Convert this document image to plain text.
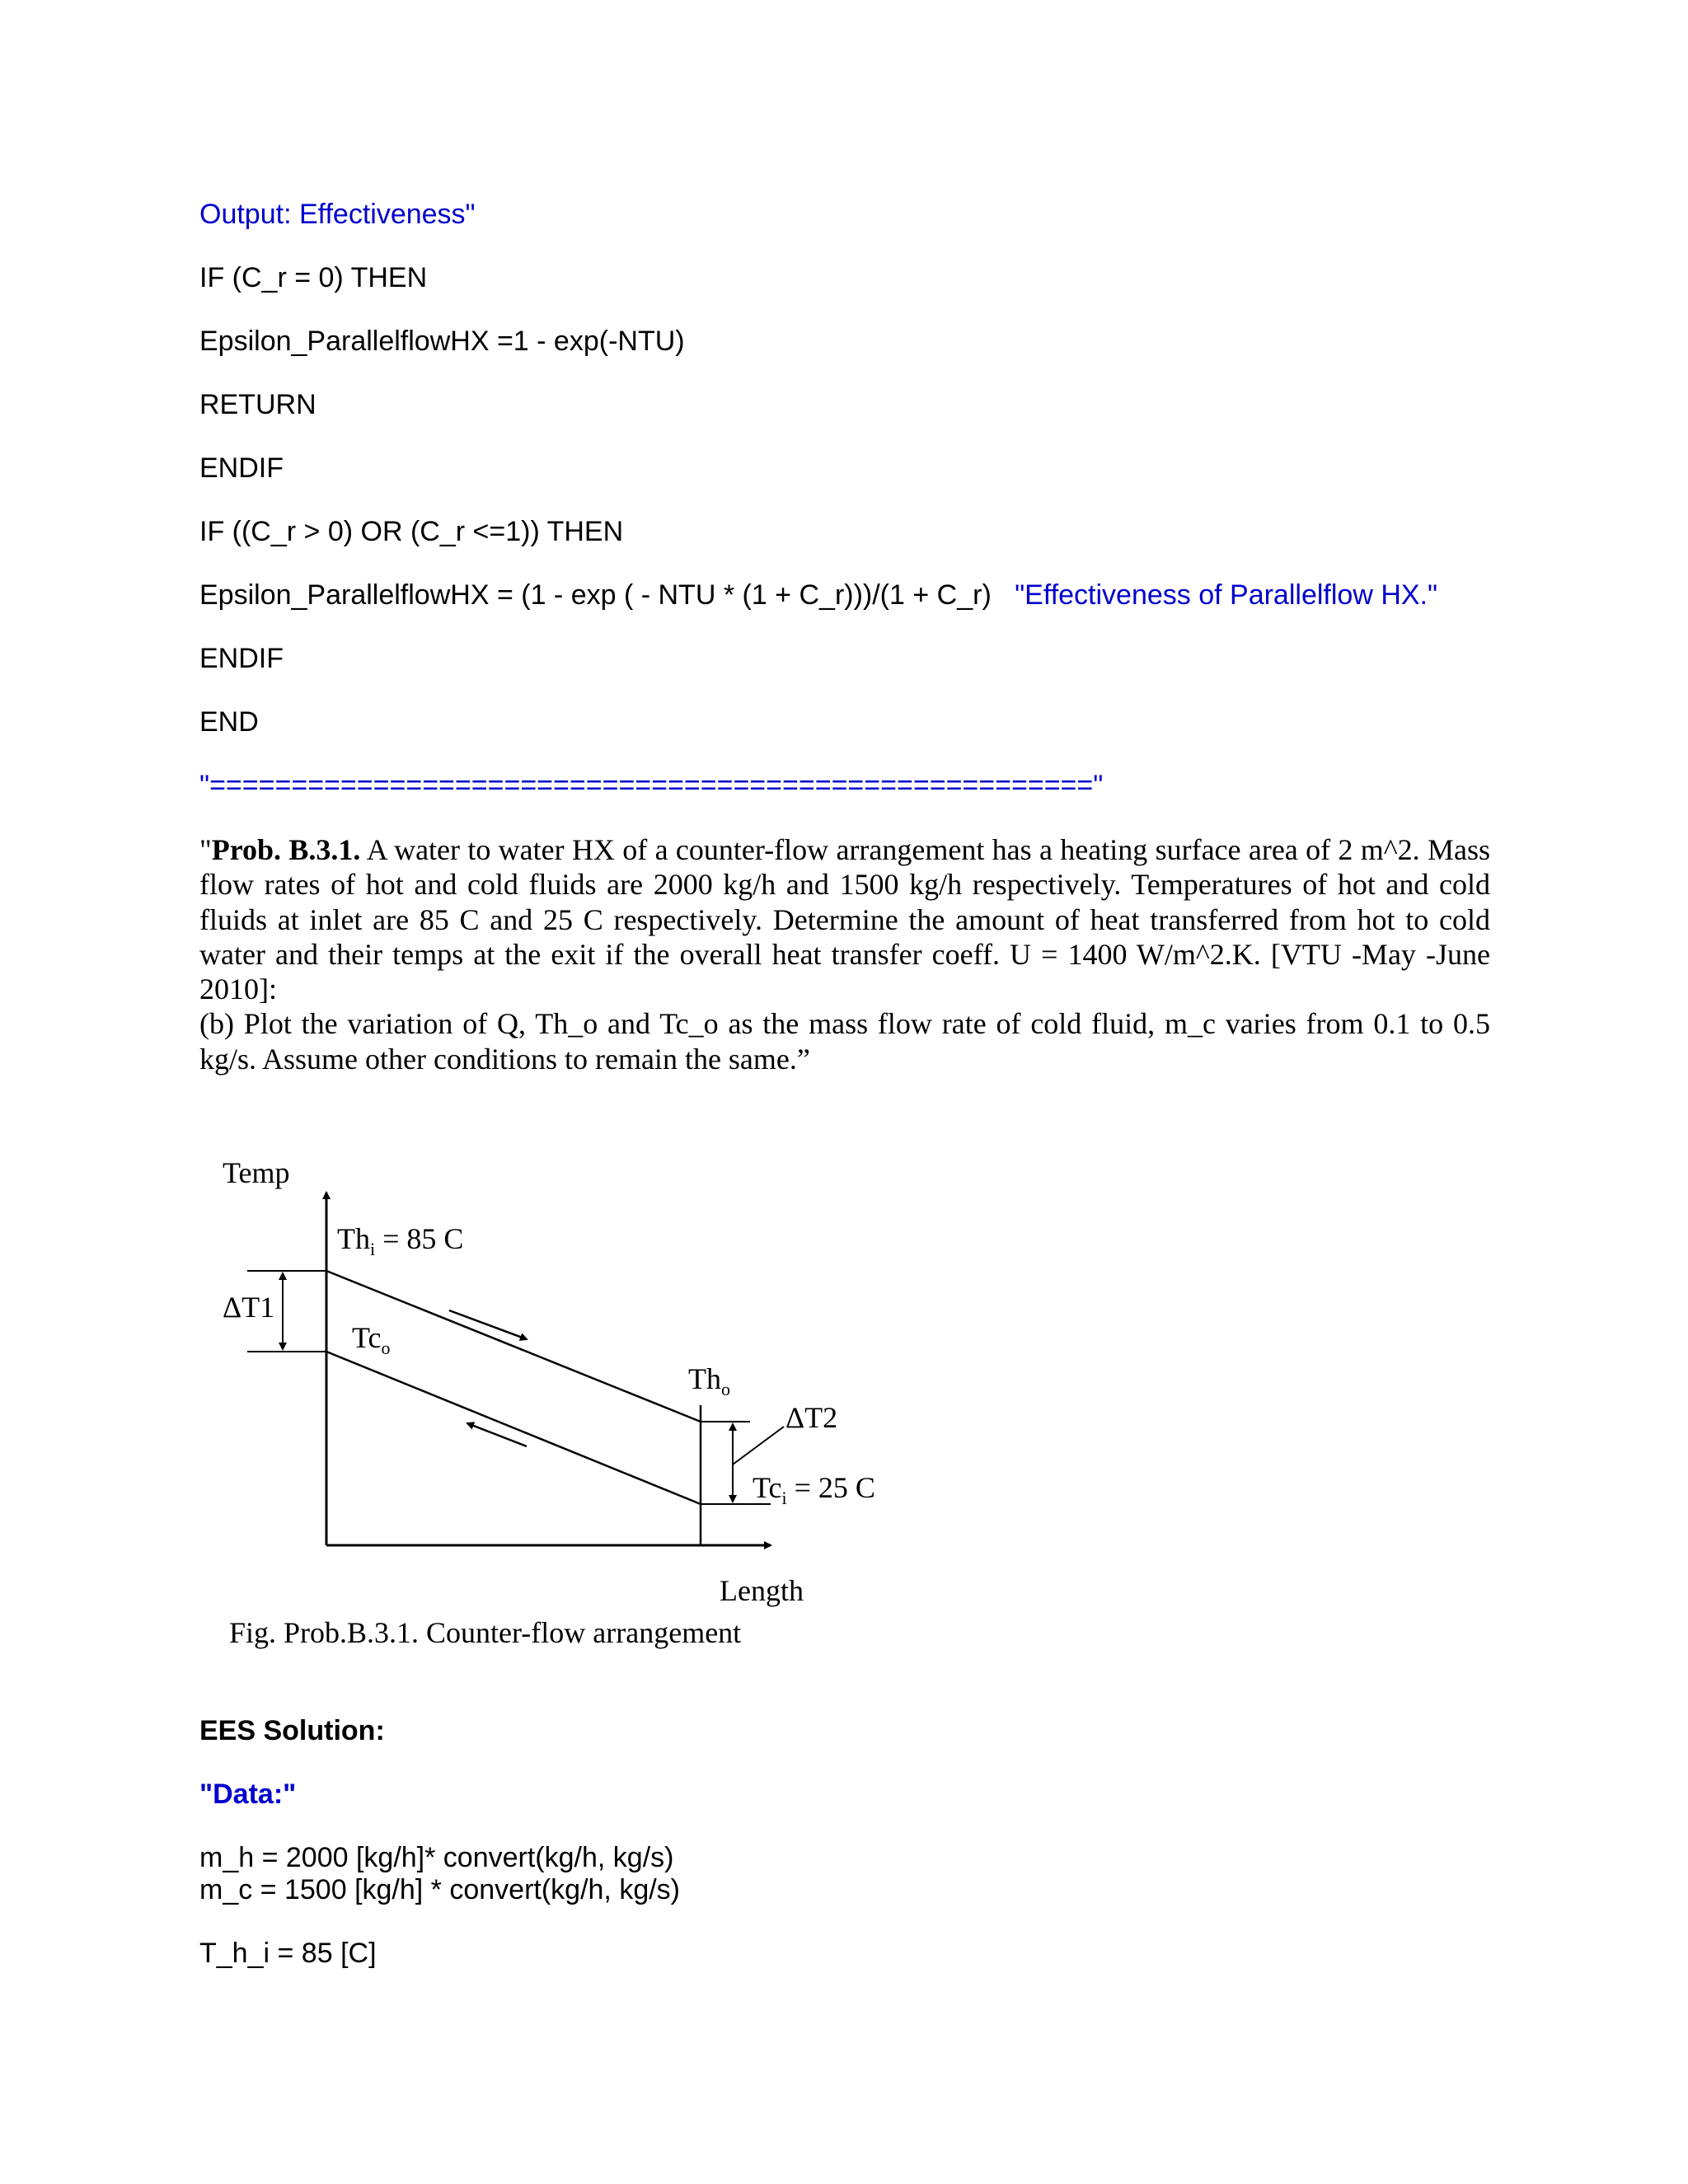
Output: Effectiveness"

IF (C_r = 0) THEN

Epsilon_ParallelflowHX =1 - exp(-NTU)

RETURN

ENDIF

IF ((C_r > 0) OR (C_r <=1)) THEN

Epsilon_ParallelflowHX = (1 - exp ( - NTU * (1 + C_r)))/(1 + C_r) "Effectiveness of Parallelflow HX."

ENDIF

END

"======================================================"

"Prob. B.3.1. A water to water HX of a counter-flow arrangement has a heating surface area of 2 m^2. Mass flow rates of hot and cold fluids are 2000 kg/h and 1500 kg/h respectively. Temperatures of hot and cold fluids at inlet are 85 C and 25 C respectively. Determine the amount of heat transferred from hot to cold water and their temps at the exit if the overall heat transfer coeff. U = 1400 W/m^2.K. [VTU -May -June 2010]:
(b) Plot the variation of Q, Th_o and Tc_o as the mass flow rate of cold fluid, m_c varies from 0.1 to 0.5 kg/s. Assume other conditions to remain the same.”
Temp
Length
ΔT1
ΔT2
$Th_i = 85$ C
$Tc_o$
$Th_o$
$Tc_i = 25$ C

Fig. Prob.B.3.1. Counter-flow arrangement

EES Solution:

"Data:"

m_h = 2000 [kg/h]* convert(kg/h, kg/s)

m_c = 1500 [kg/h] * convert(kg/h, kg/s)

T_h_i = 85 [C]
